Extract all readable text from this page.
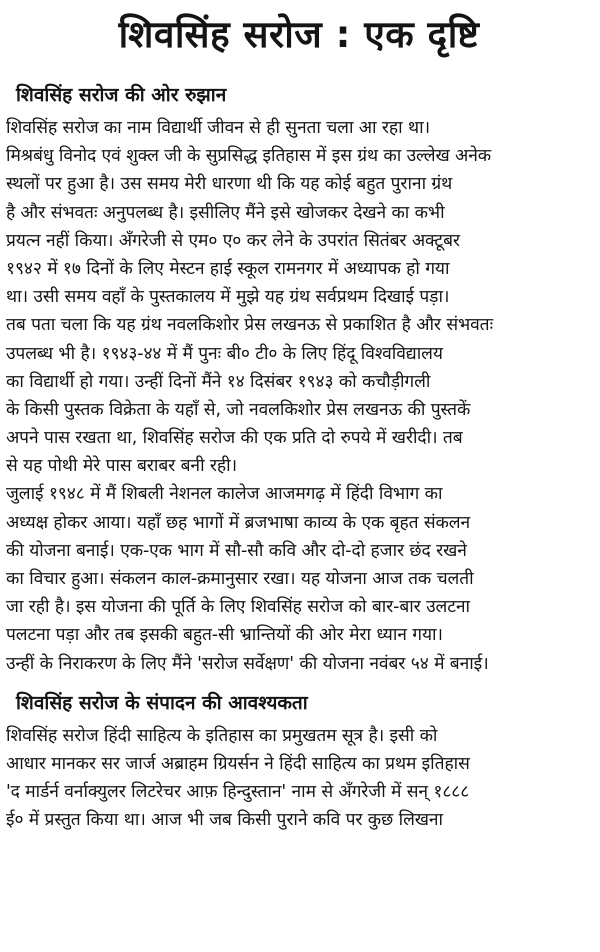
शिवसिंह सरोज : एक दृष्टि
शिवसिंह सरोज की ओर रुझान
शिवसिंह सरोज का नाम विद्यार्थी जीवन से ही सुनता चला आ रहा था।
मिश्रबंधु विनोद एवं शुक्ल जी के सुप्रसिद्ध इतिहास में इस ग्रंथ का उल्लेख अनेक
स्थलों पर हुआ है। उस समय मेरी धारणा थी कि यह कोई बहुत पुराना ग्रंथ
है और संभवतः अनुपलब्ध है। इसीलिए मैंने इसे खोजकर देखने का कभी
प्रयत्न नहीं किया। अँगरेजी से एम० ए० कर लेने के उपरांत सितंबर अक्टूबर
१९४२ में १७ दिनों के लिए मेस्टन हाई स्कूल रामनगर में अध्यापक हो गया
था। उसी समय वहाँ के पुस्तकालय में मुझे यह ग्रंथ सर्वप्रथम दिखाई पड़ा।
तब पता चला कि यह ग्रंथ नवलकिशोर प्रेस लखनऊ से प्रकाशित है और संभवतः
उपलब्ध भी है। १९४३-४४ में मैं पुनः बी० टी० के लिए हिंदू विश्वविद्यालय
का विद्यार्थी हो गया। उन्हीं दिनों मैंने १४ दिसंबर १९४३ को कचौड़ीगली
के किसी पुस्तक विक्रेता के यहाँ से, जो नवलकिशोर प्रेस लखनऊ की पुस्तकें
अपने पास रखता था, शिवसिंह सरोज की एक प्रति दो रुपये में खरीदी। तब
से यह पोथी मेरे पास बराबर बनी रही।
जुलाई १९४८ में मैं शिबली नेशनल कालेज आजमगढ़ में हिंदी विभाग का
अध्यक्ष होकर आया। यहाँ छह भागों में ब्रजभाषा काव्य के एक बृहत संकलन
की योजना बनाई। एक-एक भाग में सौ-सौ कवि और दो-दो हजार छंद रखने
का विचार हुआ। संकलन काल-क्रमानुसार रखा। यह योजना आज तक चलती
जा रही है। इस योजना की पूर्ति के लिए शिवसिंह सरोज को बार-बार उलटना
पलटना पड़ा और तब इसकी बहुत-सी भ्रान्तियों की ओर मेरा ध्यान गया।
उन्हीं के निराकरण के लिए मैंने 'सरोज सर्वेक्षण' की योजना नवंबर ५४ में बनाई।
शिवसिंह सरोज के संपादन की आवश्यकता
शिवसिंह सरोज हिंदी साहित्य के इतिहास का प्रमुखतम सूत्र है। इसी को
आधार मानकर सर जार्ज अब्राहम ग्रियर्सन ने हिंदी साहित्य का प्रथम इतिहास
'द मार्डर्न वर्नाक्युलर लिटरेचर आफ़ हिन्दुस्तान' नाम से अँगरेजी में सन् १८८८
ई० में प्रस्तुत किया था। आज भी जब किसी पुराने कवि पर कुछ लिखना
